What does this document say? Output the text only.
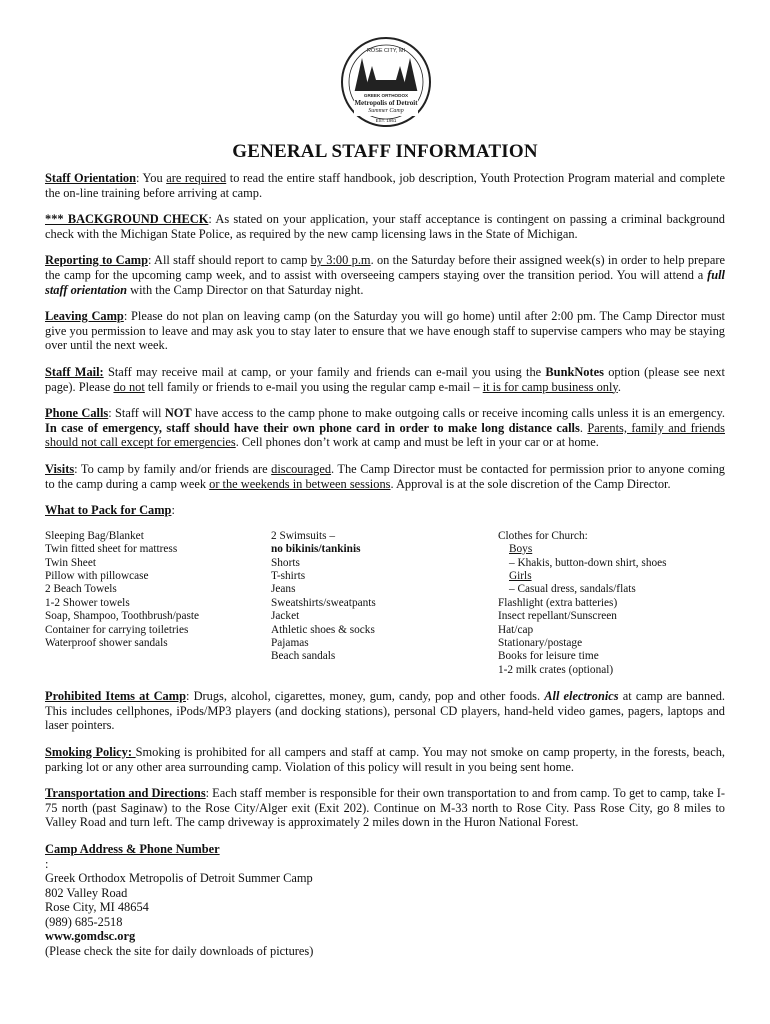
ROSE CITY, MI
GREEK ORTHODOX
Metropolis of Detroit
Summer Camp
EST. 1951
GENERAL STAFF INFORMATION

Staff Orientation: You are required to read the entire staff handbook, job description, Youth Protection Program material and complete the on-line training before arriving at camp.

*** BACKGROUND CHECK: As stated on your application, your staff acceptance is contingent on passing a criminal background check with the Michigan State Police, as required by the new camp licensing laws in the State of Michigan.

Reporting to Camp: All staff should report to camp by 3:00 p.m. on the Saturday before their assigned week(s) in order to help prepare the camp for the upcoming camp week, and to assist with overseeing campers staying over the transition period. You will attend a full staff orientation with the Camp Director on that Saturday night.

Leaving Camp: Please do not plan on leaving camp (on the Saturday you will go home) until after 2:00 pm. The Camp Director must give you permission to leave and may ask you to stay later to ensure that we have enough staff to supervise campers who may be staying over until the next week.

Staff Mail: Staff may receive mail at camp, or your family and friends can e-mail you using the BunkNotes option (please see next page). Please do not tell family or friends to e-mail you using the regular camp e-mail – it is for camp business only.

Phone Calls: Staff will NOT have access to the camp phone to make outgoing calls or receive incoming calls unless it is an emergency. In case of emergency, staff should have their own phone card in order to make long distance calls. Parents, family and friends should not call except for emergencies. Cell phones don’t work at camp and must be left in your car or at home.

Visits: To camp by family and/or friends are discouraged. The Camp Director must be contacted for permission prior to anyone coming to the camp during a camp week or the weekends in between sessions. Approval is at the sole discretion of the Camp Director.

What to Pack for Camp:

Sleeping Bag/Blanket
Twin fitted sheet for mattress
Twin Sheet
Pillow with pillowcase
2 Beach Towels
1-2 Shower towels
Soap, Shampoo, Toothbrush/paste
Container for carrying toiletries
Waterproof shower sandals
2 Swimsuits –
no bikinis/tankinis
Shorts
T-shirts
Jeans
Sweatshirts/sweatpants
Jacket
Athletic shoes & socks
Pajamas
Beach sandals
Clothes for Church:
Boys
– Khakis, button-down shirt, shoes
Girls
– Casual dress, sandals/flats
Flashlight (extra batteries)
Insect repellant/Sunscreen
Hat/cap
Stationary/postage
Books for leisure time
1-2 milk crates (optional)

Prohibited Items at Camp: Drugs, alcohol, cigarettes, money, gum, candy, pop and other foods. All electronics at camp are banned. This includes cellphones, iPods/MP3 players (and docking stations), personal CD players, hand-held video games, pagers, laptops and laser pointers.

Smoking Policy: Smoking is prohibited for all campers and staff at camp. You may not smoke on camp property, in the forests, beach, parking lot or any other area surrounding camp. Violation of this policy will result in you being sent home.

Transportation and Directions: Each staff member is responsible for their own transportation to and from camp. To get to camp, take I-75 north (past Saginaw) to the Rose City/Alger exit (Exit 202). Continue on M-33 north to Rose City. Pass Rose City, go 8 miles to Valley Road and turn left. The camp driveway is approximately 2 miles down in the Huron National Forest.

Camp Address & Phone Number
:
Greek Orthodox Metropolis of Detroit Summer Camp
802 Valley Road
Rose City, MI 48654
(989) 685-2518
www.gomdsc.org
(Please check the site for daily downloads of pictures)
